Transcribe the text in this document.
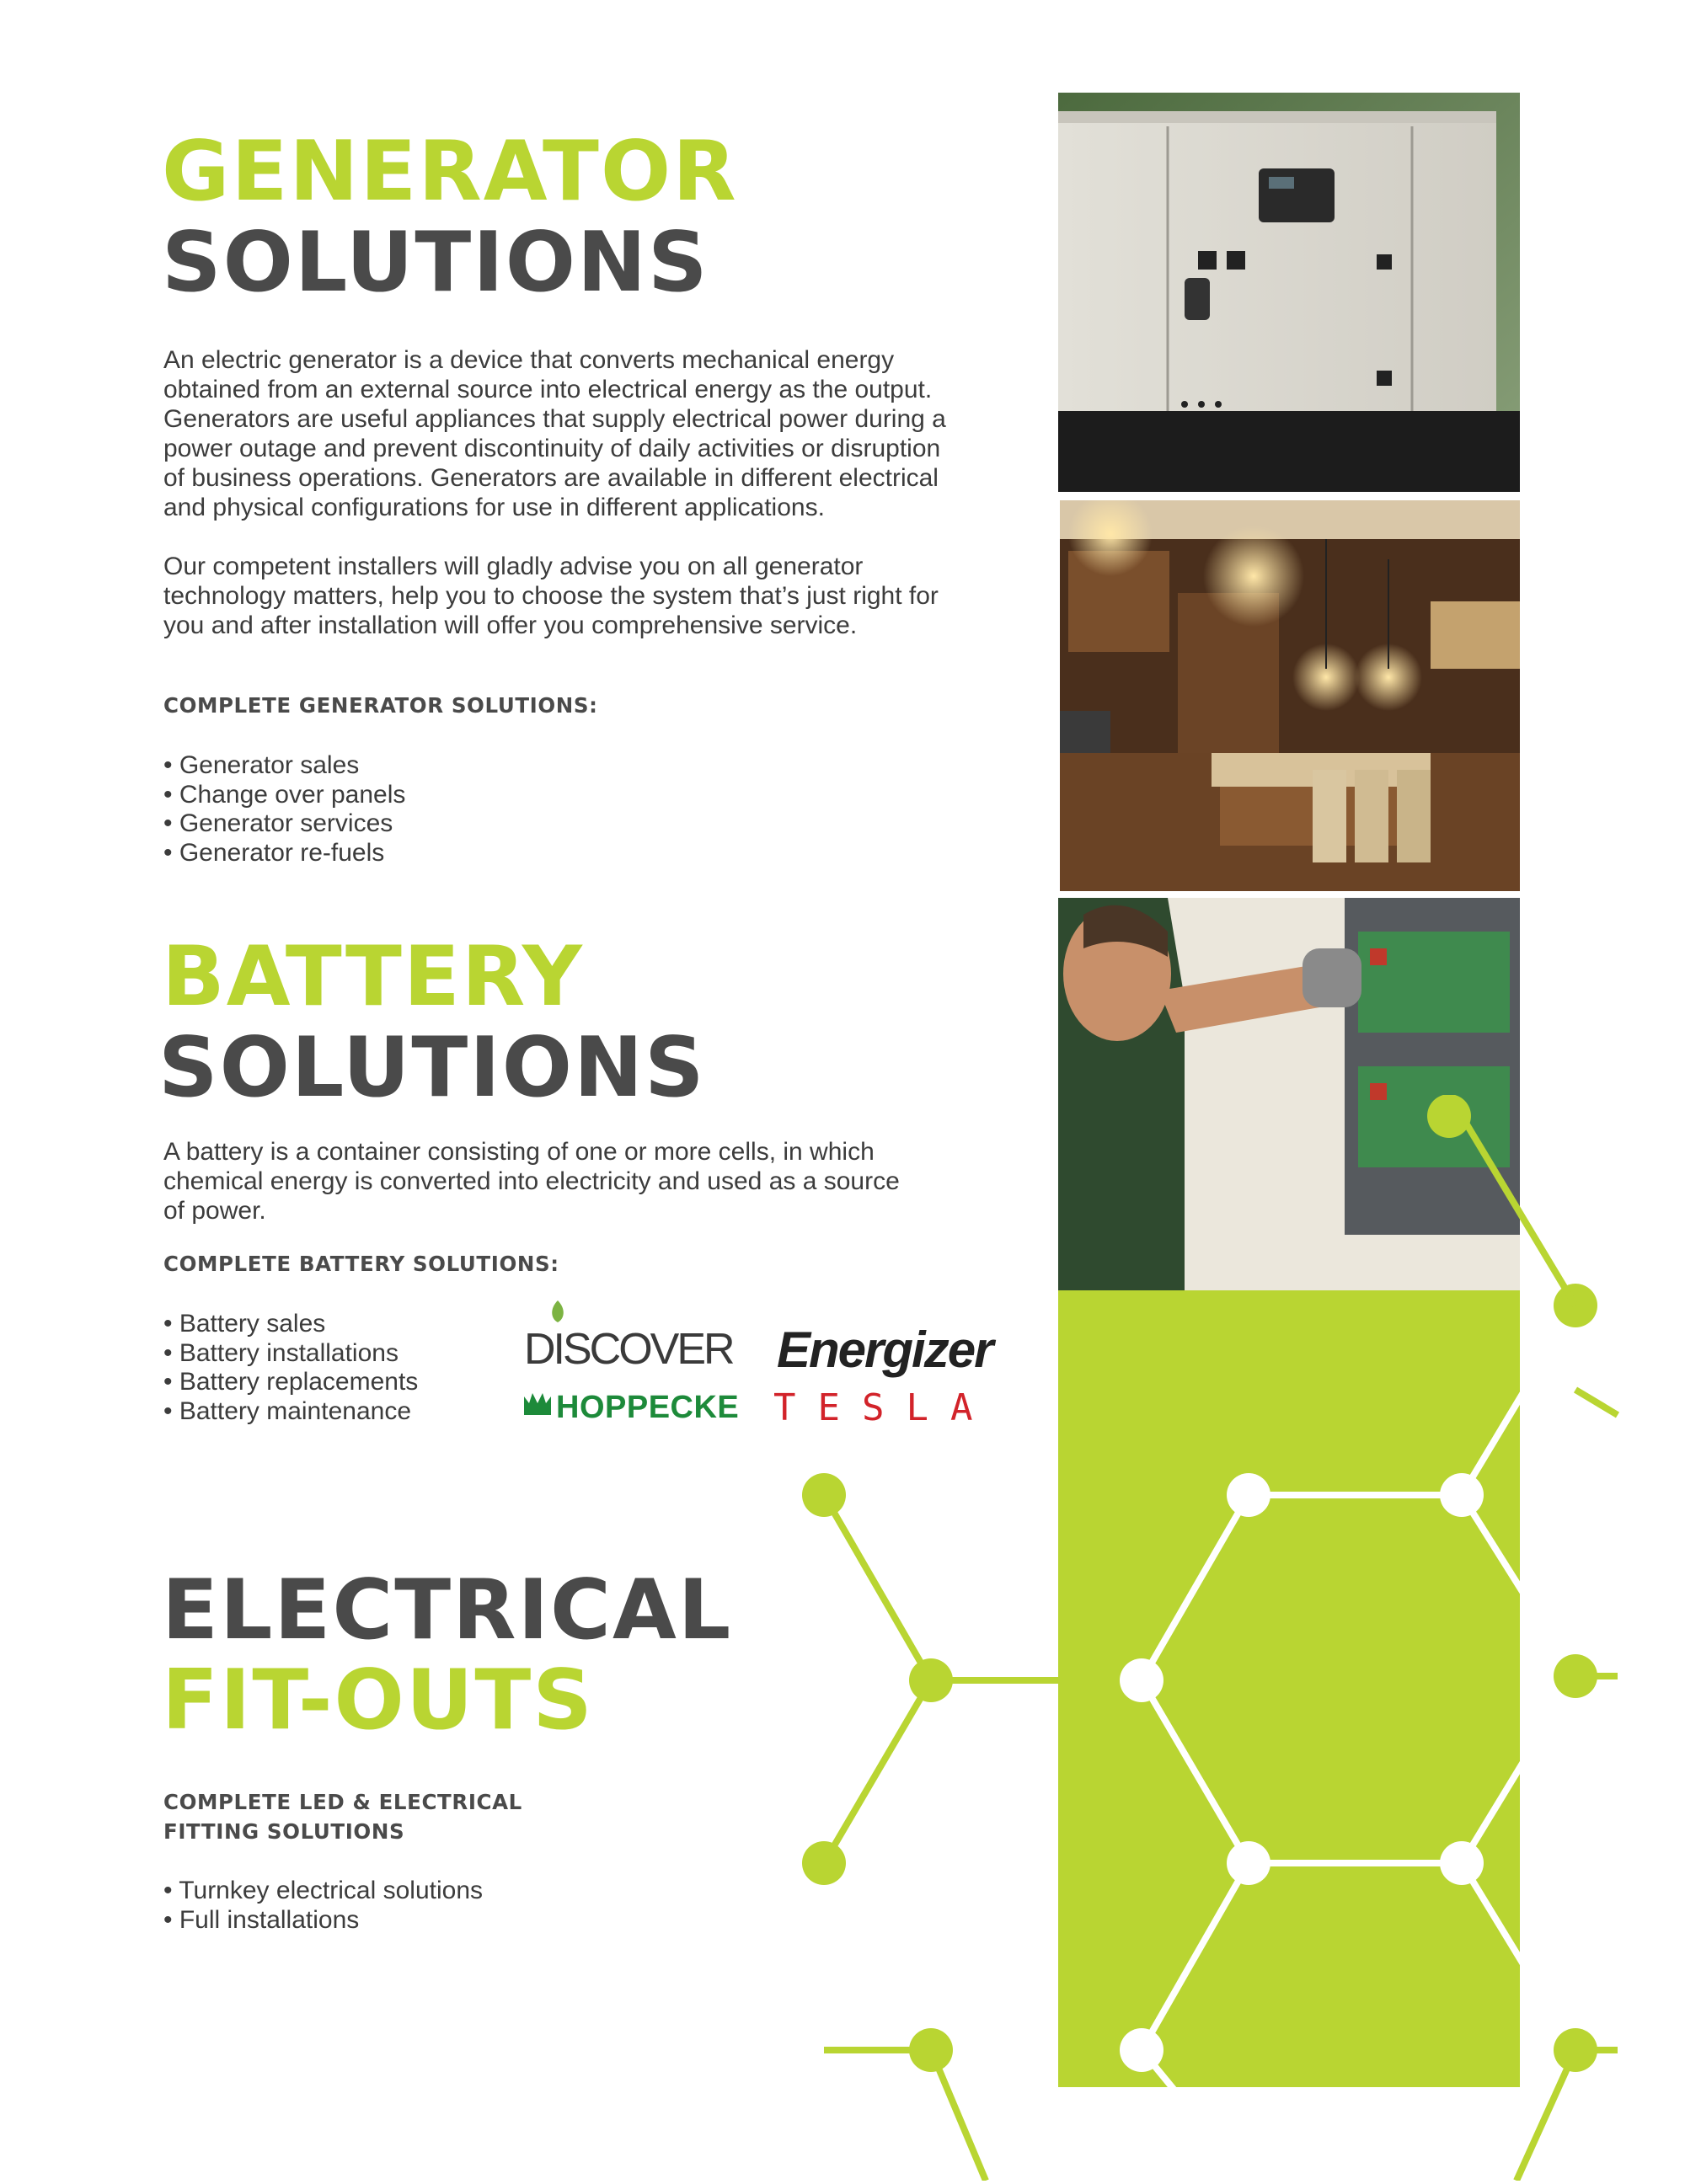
GENERATOR
SOLUTIONS

An electric generator is a device that converts mechanical energy

obtained from an external source into electrical energy as the output.

Generators are useful appliances that supply electrical power during a

power outage and prevent discontinuity of daily activities or disruption

of business operations. Generators are available in different electrical

and physical configurations for use in different applications.

Our competent installers will gladly advise you on all generator

technology matters, help you to choose the system that’s just right for

you and after installation will offer you comprehensive service.

COMPLETE GENERATOR SOLUTIONS:

• Generator sales
• Change over panels
• Generator services
• Generator re-fuels
BATTERY
SOLUTIONS

A battery is a container consisting of one or more cells, in which

chemical energy is converted into electricity and used as a source

of power.

COMPLETE BATTERY SOLUTIONS:

• Battery sales
• Battery installations
• Battery replacements
• Battery maintenance
DISCOVER Energizer
HOPPECKE TESLA
ELECTRICAL
FIT-OUTS

COMPLETE LED & ELECTRICAL

FITTING SOLUTIONS

• Turnkey electrical solutions
• Full installations
